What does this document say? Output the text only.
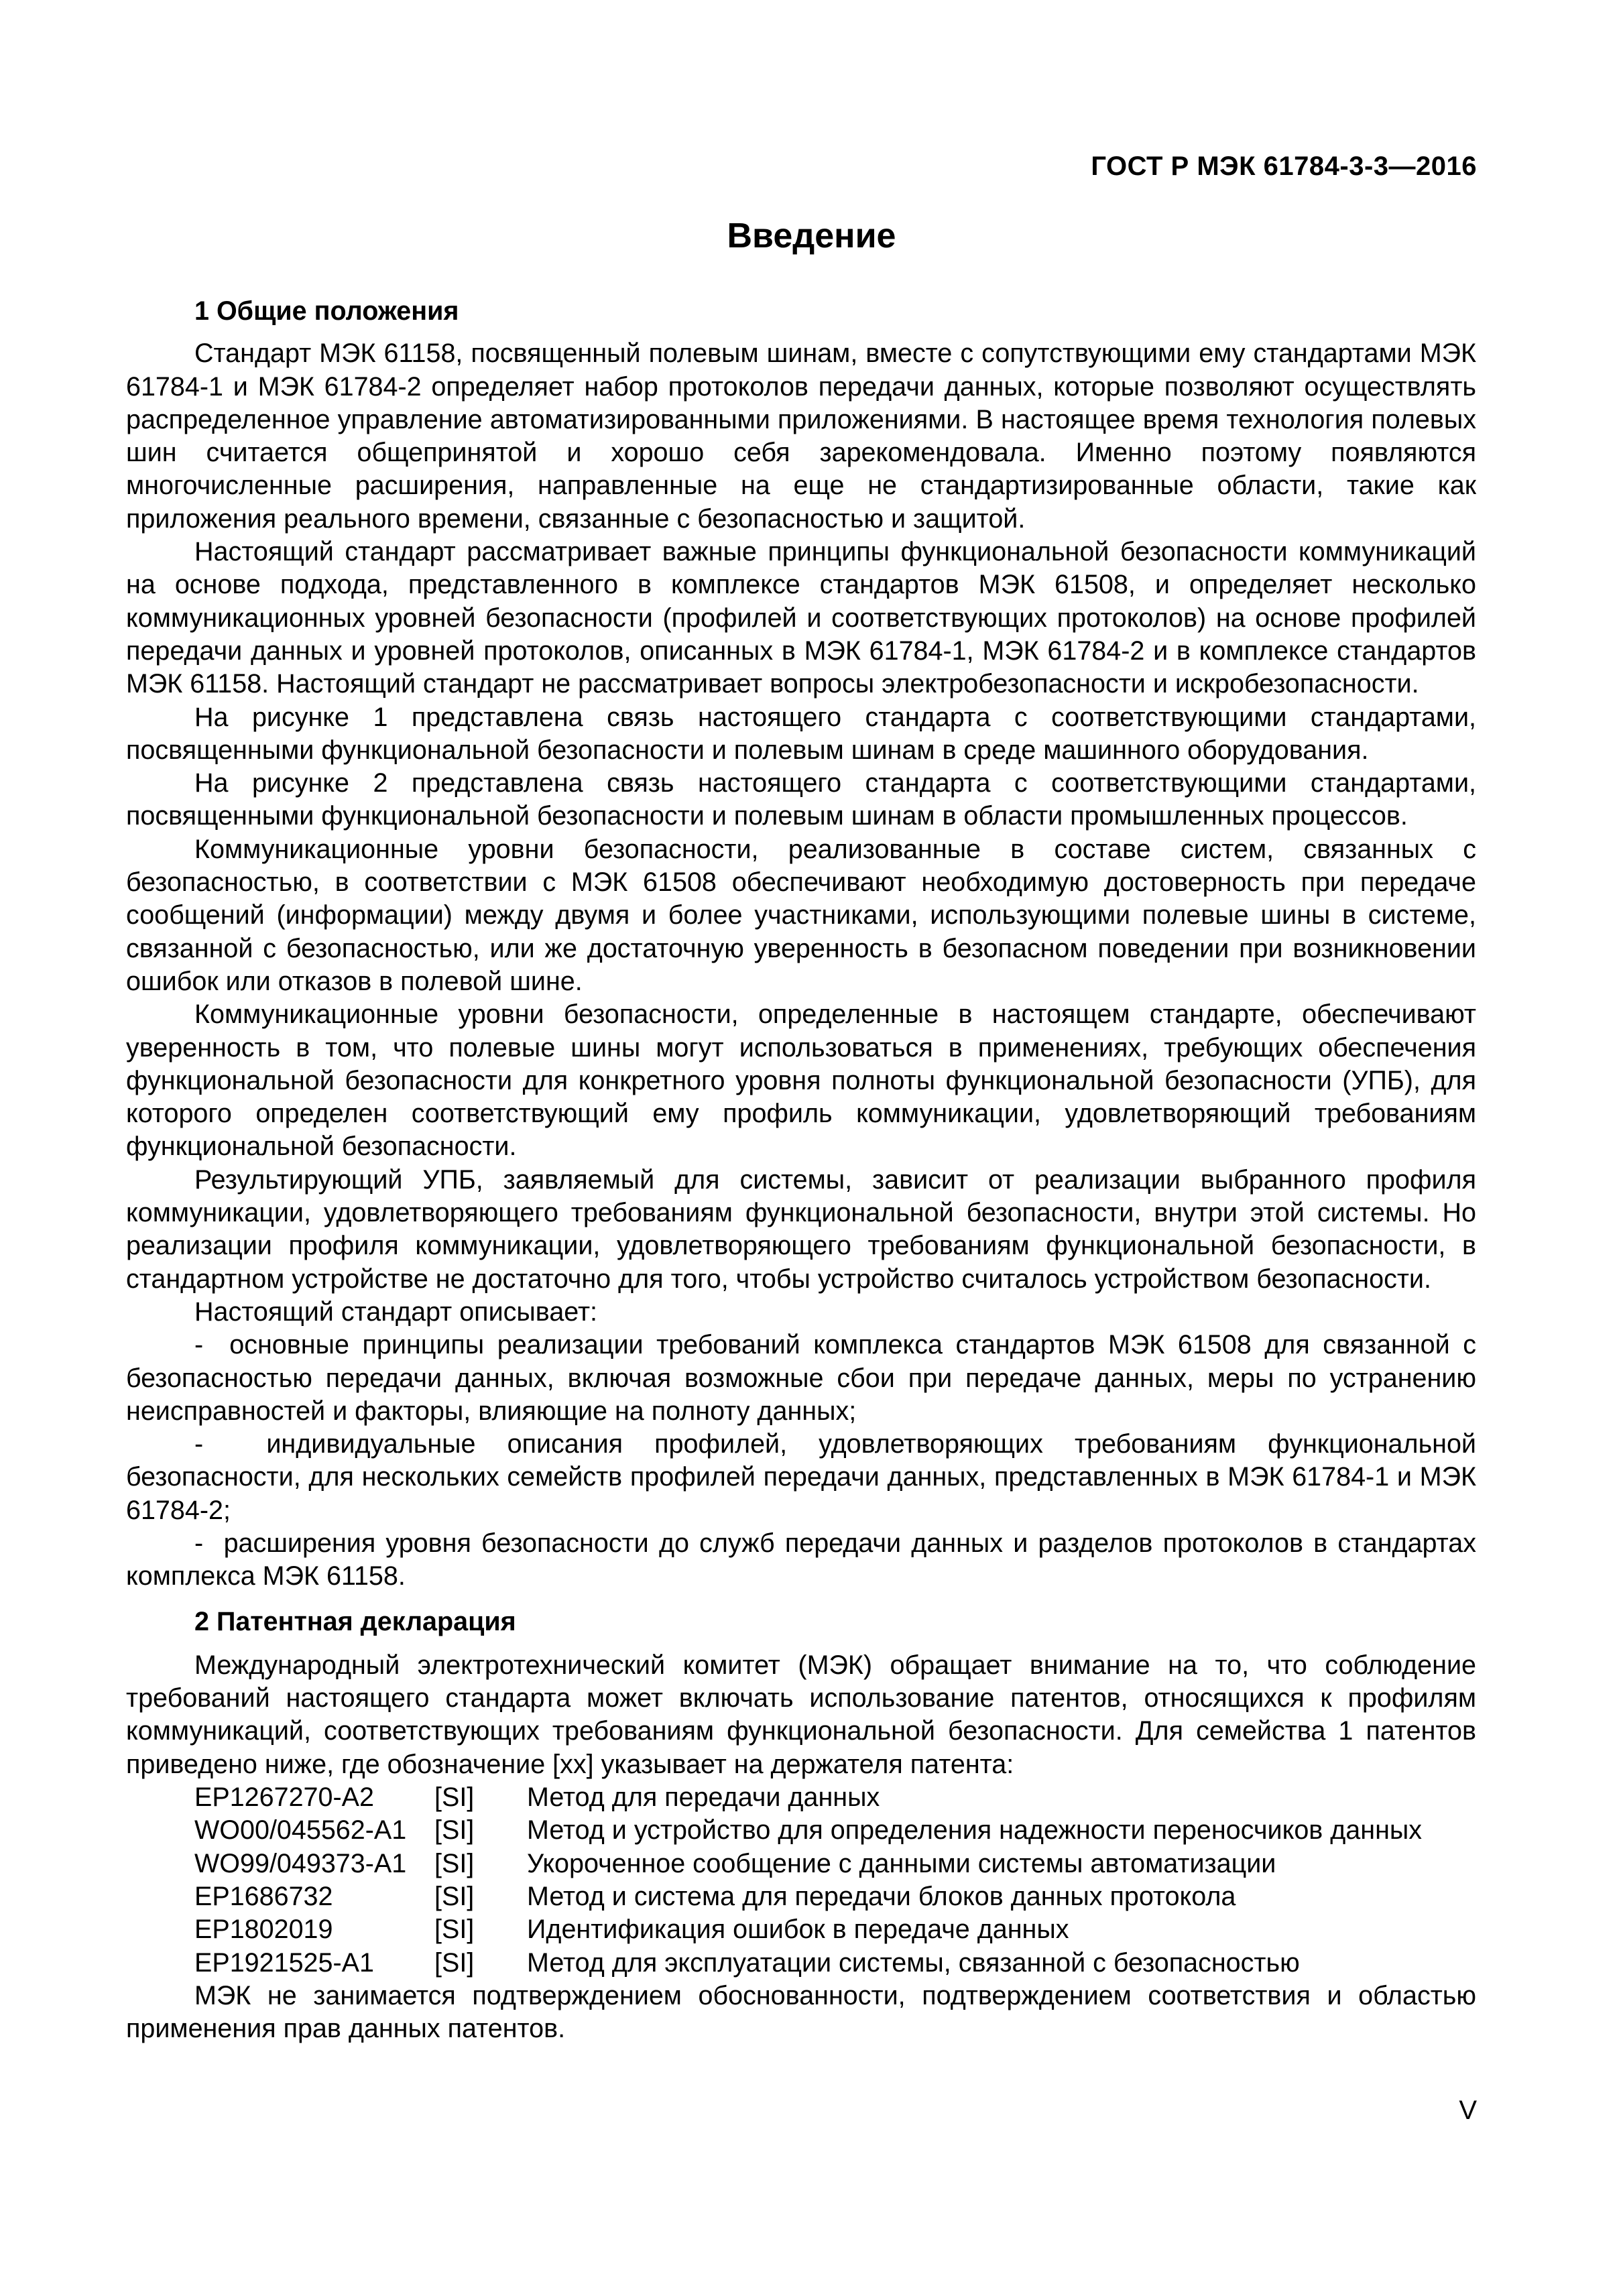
ГОСТ Р МЭК 61784-3-3—2016
Введение
1 Общие положения

Стандарт МЭК 61158, посвященный полевым шинам, вместе с сопутствующими ему стандартами МЭК 61784-1 и МЭК 61784-2 определяет набор протоколов передачи данных, которые позволяют осуществлять распределенное управление автоматизированными приложениями. В настоящее время технология полевых шин считается общепринятой и хорошо себя зарекомендовала. Именно поэтому появляются многочисленные расширения, направленные на еще не стандартизированные области, такие как приложения реального времени, связанные с безопасностью и защитой.

Настоящий стандарт рассматривает важные принципы функциональной безопасности коммуникаций на основе подхода, представленного в комплексе стандартов МЭК 61508, и определяет несколько коммуникационных уровней безопасности (профилей и соответствующих протоколов) на основе профилей передачи данных и уровней протоколов, описанных в МЭК 61784-1, МЭК 61784-2 и в комплексе стандартов МЭК 61158. Настоящий стандарт не рассматривает вопросы электробезопасности и искробезопасности.

На рисунке 1 представлена связь настоящего стандарта с соответствующими стандартами, посвященными функциональной безопасности и полевым шинам в среде машинного оборудования.

На рисунке 2 представлена связь настоящего стандарта с соответствующими стандартами, посвященными функциональной безопасности и полевым шинам в области промышленных процессов.

Коммуникационные уровни безопасности, реализованные в составе систем, связанных с безопасностью, в соответствии с МЭК 61508 обеспечивают необходимую достоверность при передаче сообщений (информации) между двумя и более участниками, использующими полевые шины в системе, связанной с безопасностью, или же достаточную уверенность в безопасном поведении при возникновении ошибок или отказов в полевой шине.

Коммуникационные уровни безопасности, определенные в настоящем стандарте, обеспечивают уверенность в том, что полевые шины могут использоваться в применениях, требующих обеспечения функциональной безопасности для конкретного уровня полноты функциональной безопасности (УПБ), для которого определен соответствующий ему профиль коммуникации, удовлетворяющий требованиям функциональной безопасности.

Результирующий УПБ, заявляемый для системы, зависит от реализации выбранного профиля коммуникации, удовлетворяющего требованиям функциональной безопасности, внутри этой системы. Но реализации профиля коммуникации, удовлетворяющего требованиям функциональной безопасности, в стандартном устройстве не достаточно для того, чтобы устройство считалось устройством безопасности.

Настоящий стандарт описывает:

-  основные принципы реализации требований комплекса стандартов МЭК 61508 для связанной с безопасностью передачи данных, включая возможные сбои при передаче данных, меры по устранению неисправностей и факторы, влияющие на полноту данных;

-  индивидуальные описания профилей, удовлетворяющих требованиям функциональной безопасности, для нескольких семейств профилей передачи данных, представленных в МЭК 61784-1 и МЭК 61784-2;

-  расширения уровня безопасности до служб передачи данных и разделов протоколов в стандартах комплекса МЭК 61158.

2 Патентная декларация

Международный электротехнический комитет (МЭК) обращает внимание на то, что соблюдение требований настоящего стандарта может включать использование патентов, относящихся к профилям коммуникаций, соответствующих требованиям функциональной безопасности. Для семейства 1 патентов приведено ниже, где обозначение [xx] указывает на держателя патента:

EP1267270-A2	[SI]	Метод для передачи данных
WO00/045562-A1	[SI]	Метод и устройство для определения надежности переносчиков данных
WO99/049373-A1	[SI]	Укороченное сообщение с данными системы автоматизации
EP1686732	[SI]	Метод и система для передачи блоков данных протокола
EP1802019	[SI]	Идентификация ошибок в передаче данных
EP1921525-A1	[SI]	Метод для эксплуатации системы, связанной с безопасностью

МЭК не занимается подтверждением обоснованности, подтверждением соответствия и областью применения прав данных патентов.

V
